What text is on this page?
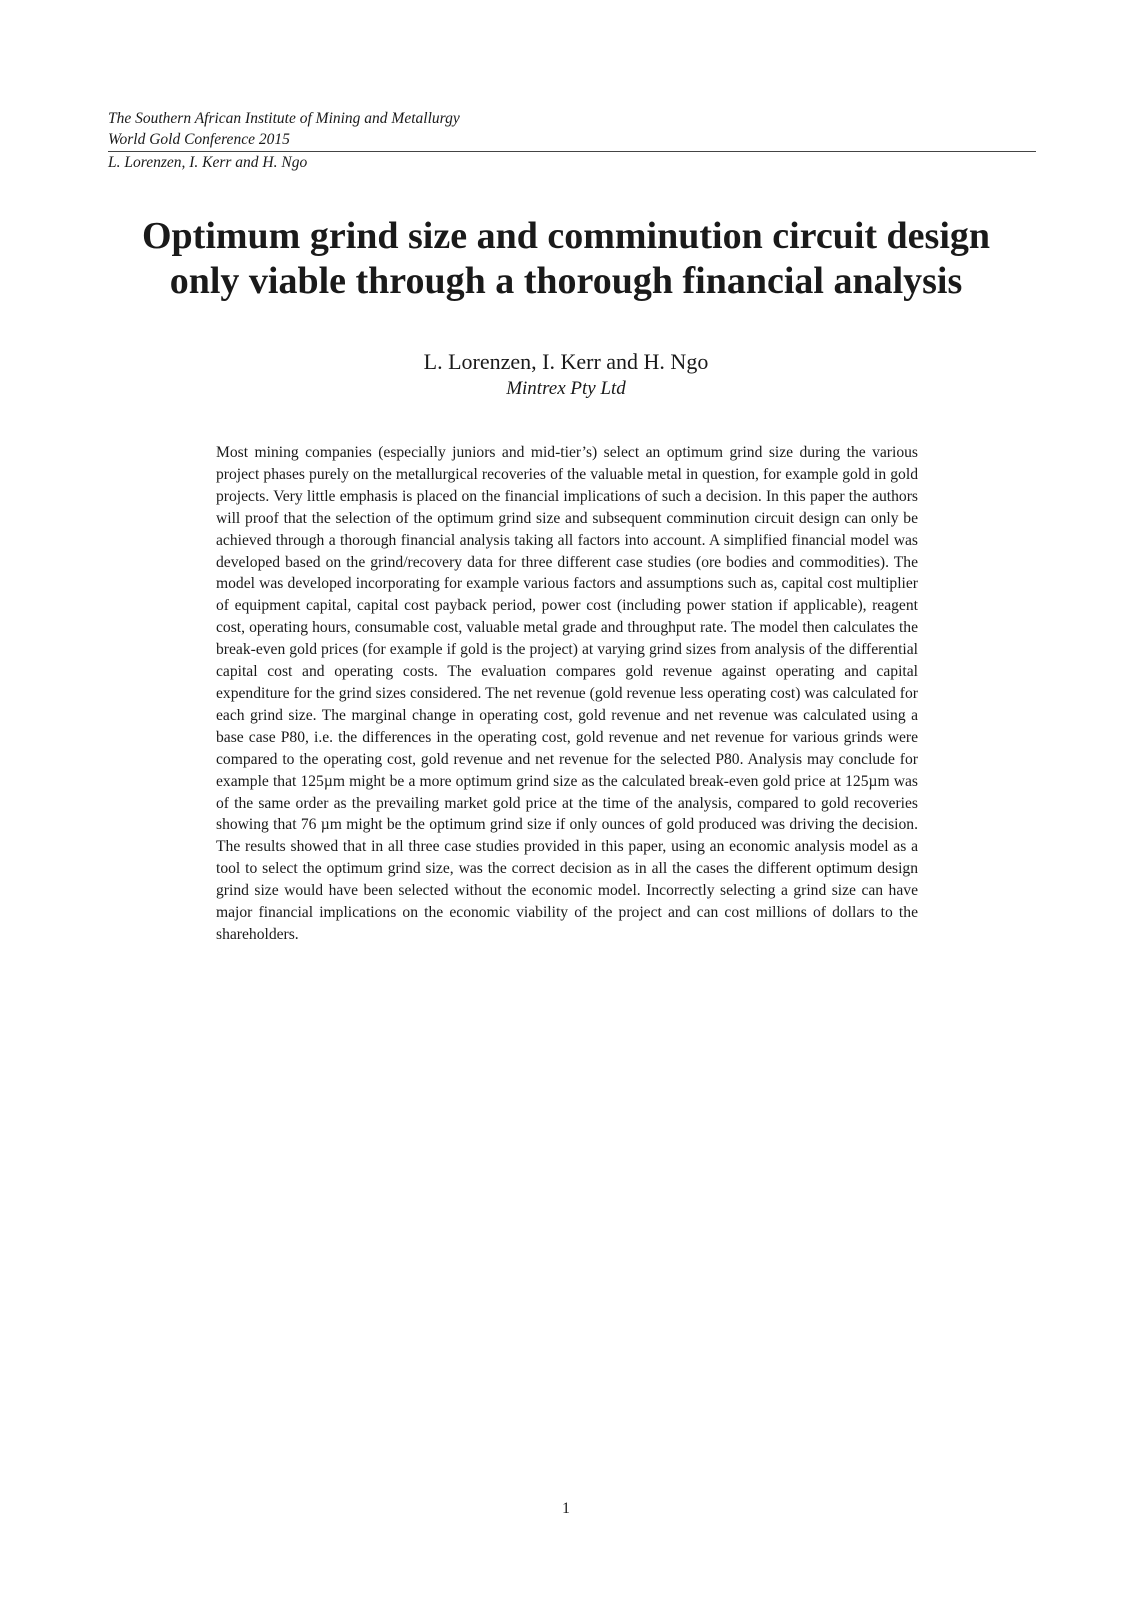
The Southern African Institute of Mining and Metallurgy
World Gold Conference 2015
L. Lorenzen, I. Kerr and H. Ngo
Optimum grind size and comminution circuit design
only viable through a thorough financial analysis
L. Lorenzen, I. Kerr and H. Ngo
Mintrex Pty Ltd

Most mining companies (especially juniors and mid-tier’s) select an optimum grind size during the various project phases purely on the metallurgical recoveries of the valuable metal in question, for example gold in gold projects. Very little emphasis is placed on the financial implications of such a decision. In this paper the authors will proof that the selection of the optimum grind size and subsequent comminution circuit design can only be achieved through a thorough financial analysis taking all factors into account. A simplified financial model was developed based on the grind/recovery data for three different case studies (ore bodies and commodities). The model was developed incorporating for example various factors and assumptions such as, capital cost multiplier of equipment capital, capital cost payback period, power cost (including power station if applicable), reagent cost, operating hours, consumable cost, valuable metal grade and throughput rate. The model then calculates the break-even gold prices (for example if gold is the project) at varying grind sizes from analysis of the differential capital cost and operating costs. The evaluation compares gold revenue against operating and capital expenditure for the grind sizes considered. The net revenue (gold revenue less operating cost) was calculated for each grind size. The marginal change in operating cost, gold revenue and net revenue was calculated using a base case P80, i.e. the differences in the operating cost, gold revenue and net revenue for various grinds were compared to the operating cost, gold revenue and net revenue for the selected P80. Analysis may conclude for example that 125µm might be a more optimum grind size as the calculated break-even gold price at 125µm was of the same order as the prevailing market gold price at the time of the analysis, compared to gold recoveries showing that 76 µm might be the optimum grind size if only ounces of gold produced was driving the decision. The results showed that in all three case studies provided in this paper, using an economic analysis model as a tool to select the optimum grind size, was the correct decision as in all the cases the different optimum design grind size would have been selected without the economic model. Incorrectly selecting a grind size can have major financial implications on the economic viability of the project and can cost millions of dollars to the shareholders.

1
